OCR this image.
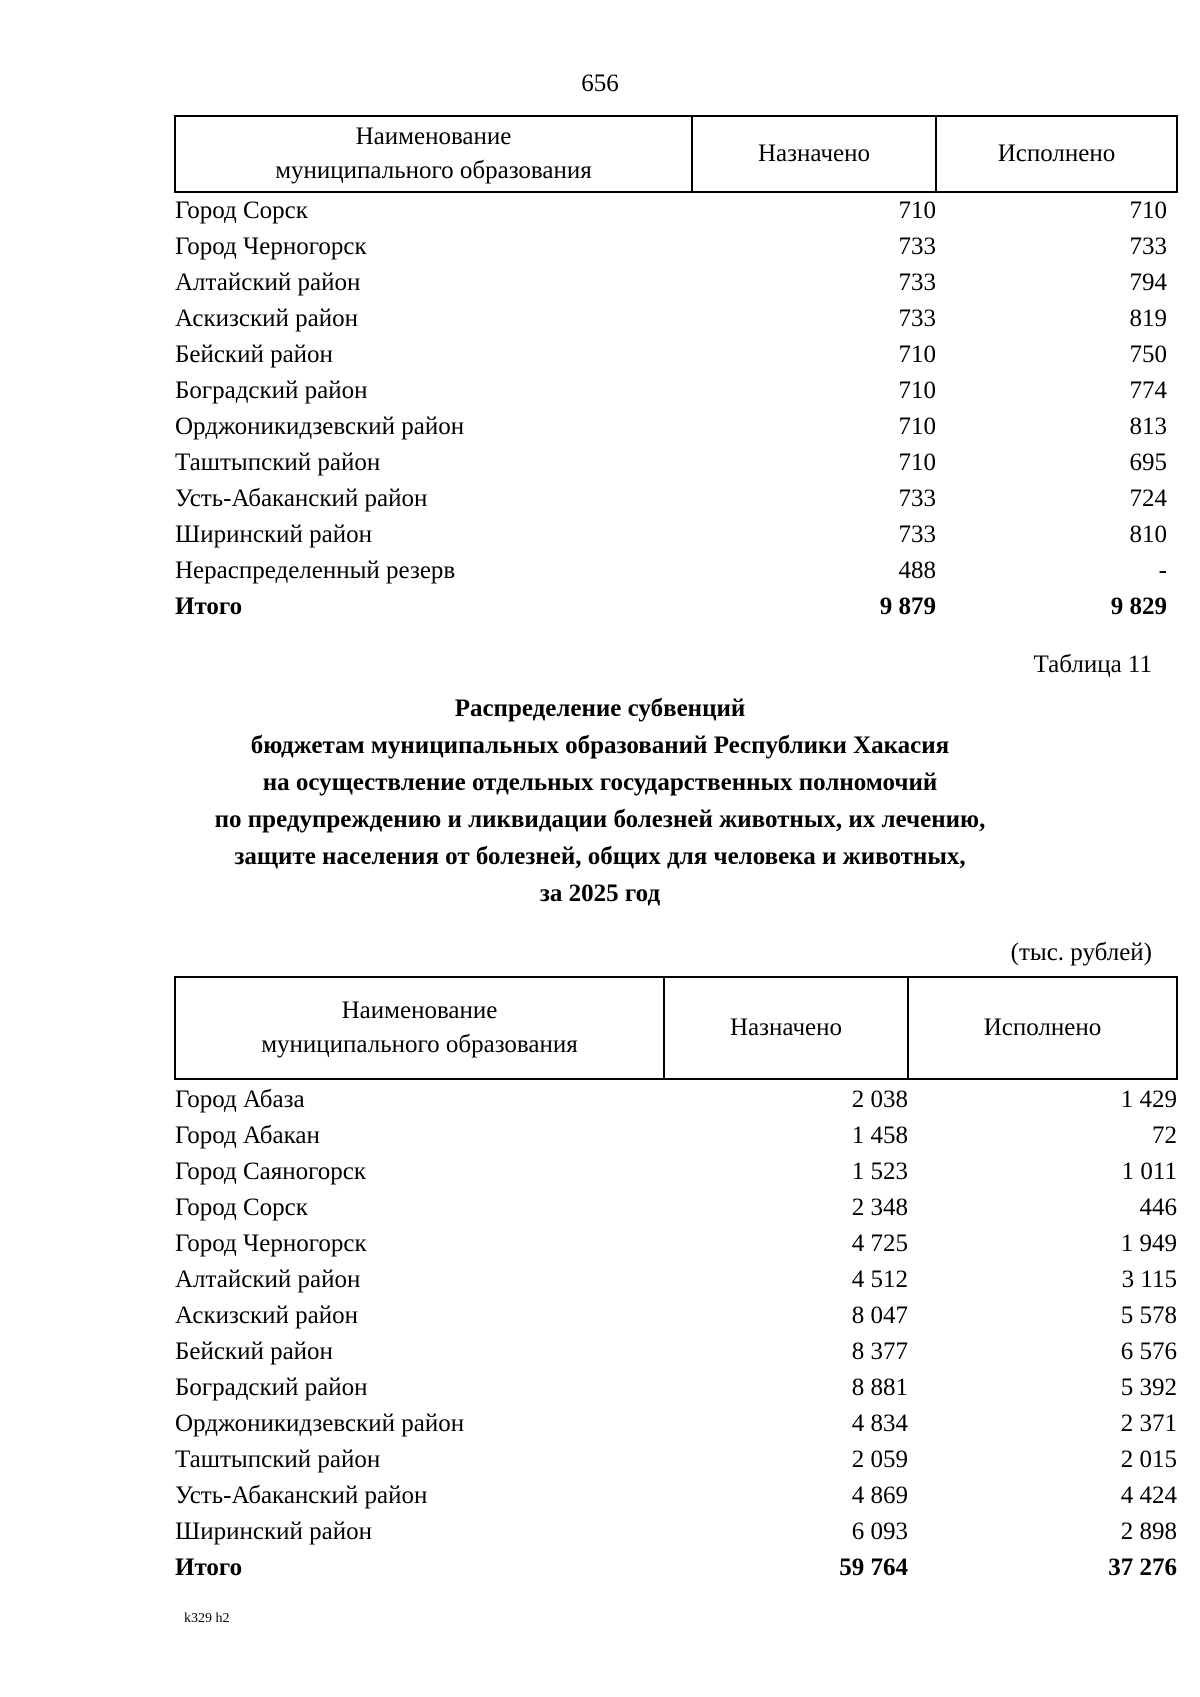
656
Наименование
муниципального образования	Назначено	Исполнено
Город Сорск	710	710
Город Черногорск	733	733
Алтайский район	733	794
Аскизский район	733	819
Бейский район	710	750
Боградский район	710	774
Орджоникидзевский район	710	813
Таштыпский район	710	695
Усть-Абаканский район	733	724
Ширинский район	733	810
Нераспределенный резерв	488	-
Итого	9 879	9 829
Таблица 11
Распределение субвенций
бюджетам муниципальных образований Республики Хакасия
на осуществление отдельных государственных полномочий
по предупреждению и ликвидации болезней животных, их лечению,
защите населения от болезней, общих для человека и животных,
за 2025 год
(тыс. рублей)
Наименование
муниципального образования	Назначено	Исполнено
Город Абаза	2 038	1 429
Город Абакан	1 458	72
Город Саяногорск	1 523	1 011
Город Сорск	2 348	446
Город Черногорск	4 725	1 949
Алтайский район	4 512	3 115
Аскизский район	8 047	5 578
Бейский район	8 377	6 576
Боградский район	8 881	5 392
Орджоникидзевский район	4 834	2 371
Таштыпский район	2 059	2 015
Усть-Абаканский район	4 869	4 424
Ширинский район	6 093	2 898
Итого	59 764	37 276
k329 h2
